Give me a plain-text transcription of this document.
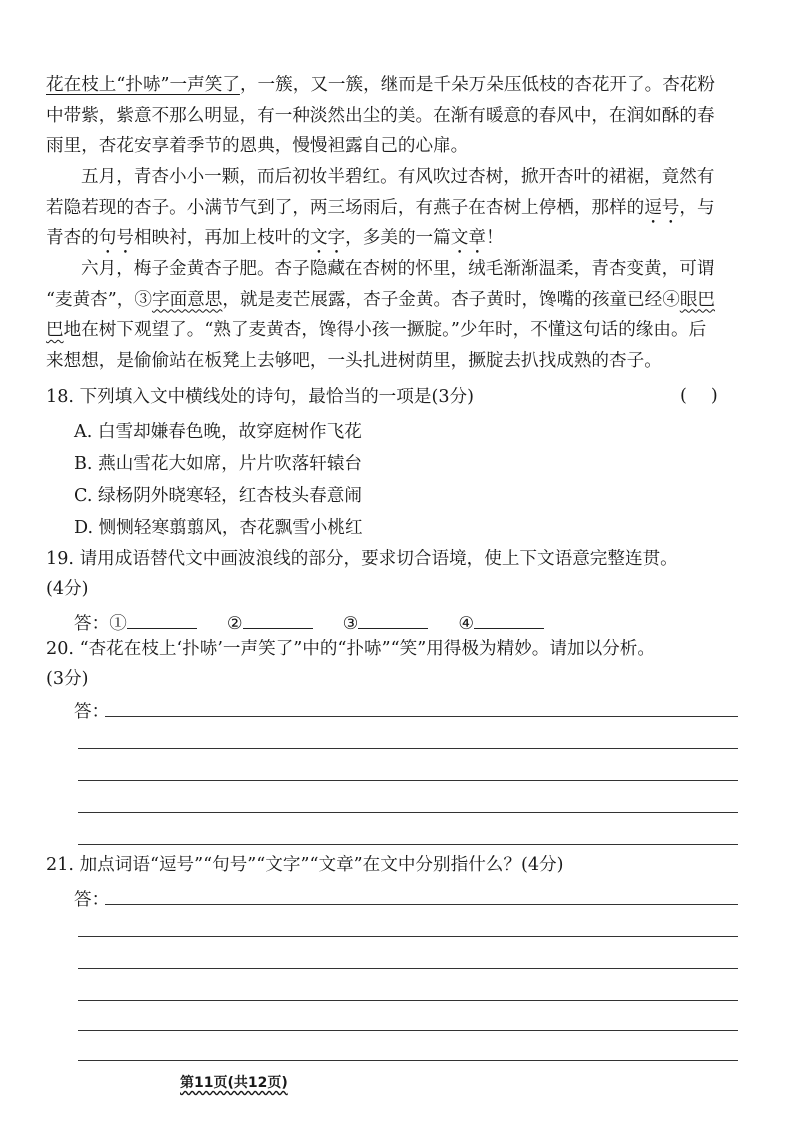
花在枝上“扑哧”一声笑了，一簇，又一簇，继而是千朵万朵压低枝的杏花开了。杏花粉
中带紫，紫意不那么明显，有一种淡然出尘的美。在渐有暖意的春风中，在润如酥的春
雨里，杏花安享着季节的恩典，慢慢袒露自己的心扉。
五月，青杏小小一颗，而后初妆半碧红。有风吹过杏树，掀开杏叶的裙裾，竟然有
若隐若现的杏子。小满节气到了，两三场雨后，有燕子在杏树上停栖，那样的逗号，与
青杏的句号相映衬，再加上枝叶的文字，多美的一篇文章！
六月，梅子金黄杏子肥。杏子隐藏在杏树的怀里，绒毛渐渐温柔，青杏变黄，可谓
“麦黄杏”，③字面意思，就是麦芒展露，杏子金黄。杏子黄时，馋嘴的孩童已经④眼巴
巴地在树下观望了。“熟了麦黄杏，馋得小孩一撅腚。”少年时，不懂这句话的缘由。后
来想想，是偷偷站在板凳上去够吧，一头扎进树荫里，撅腚去扒找成熟的杏子。
18. 下列填入文中横线处的诗句，最恰当的一项是(3分)	()
A. 白雪却嫌春色晚，故穿庭树作飞花
B. 燕山雪花大如席，片片吹落轩辕台
C. 绿杨阴外晓寒轻，红杏枝头春意闹
D. 恻恻轻寒翦翦风，杏花飘雪小桃红
19. 请用成语替代文中画波浪线的部分，要求切合语境，使上下文语意完整连贯。
(4分)
答：①	②	③	④
20. “杏花在枝上‘扑哧’一声笑了”中的“扑哧”“笑”用得极为精妙。请加以分析。
(3分)
答：
21. 加点词语“逗号”“句号”“文字”“文章”在文中分别指什么？(4分)
答：
第11页(共12页)
